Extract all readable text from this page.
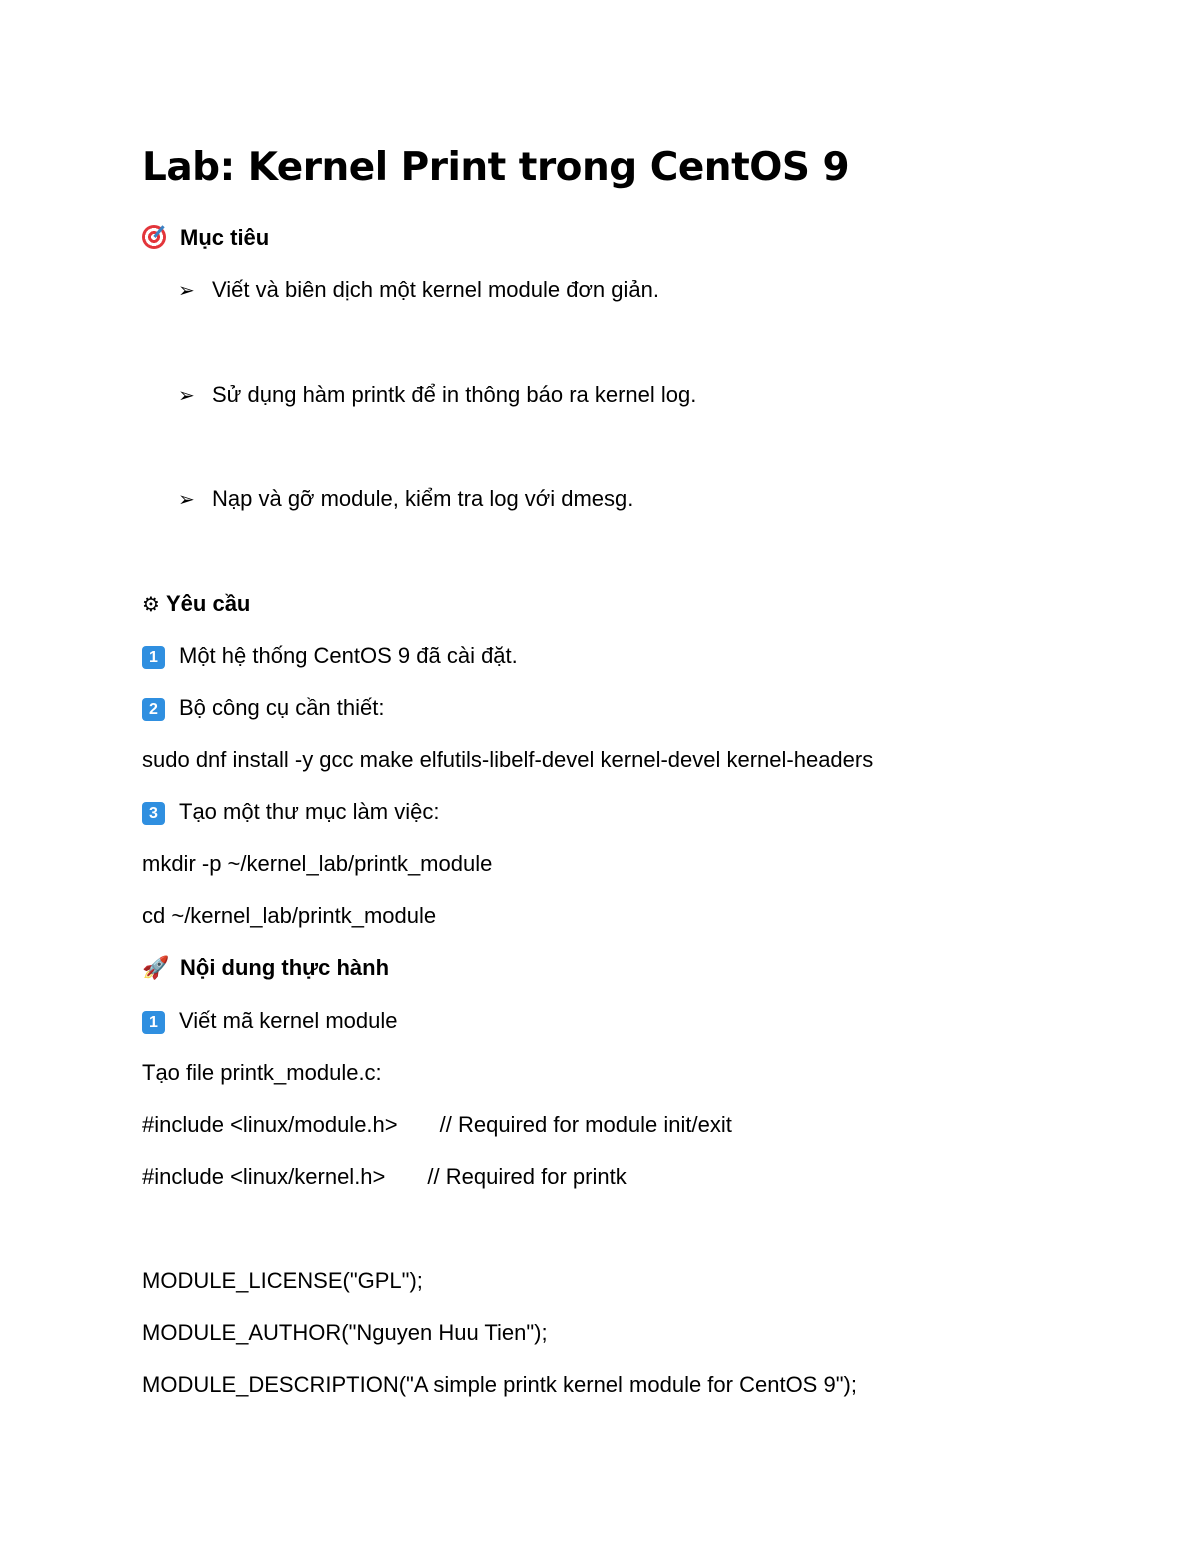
Lab: Kernel Print trong CentOS 9
Mục tiêu
➢ Viết và biên dịch một kernel module đơn giản.
➢ Sử dụng hàm printk để in thông báo ra kernel log.
➢ Nạp và gỡ module, kiểm tra log với dmesg.
⚙ Yêu cầu
1 Một hệ thống CentOS 9 đã cài đặt.
2 Bộ công cụ cần thiết:
sudo dnf install -y gcc make elfutils-libelf-devel kernel-devel kernel-headers
3 Tạo một thư mục làm việc:
mkdir -p ~/kernel_lab/printk_module
cd ~/kernel_lab/printk_module
🚀 Nội dung thực hành
1 Viết mã kernel module
Tạo file printk_module.c:
#include <linux/module.h> // Required for module init/exit
#include <linux/kernel.h> // Required for printk
MODULE_LICENSE("GPL");
MODULE_AUTHOR("Nguyen Huu Tien");
MODULE_DESCRIPTION("A simple printk kernel module for CentOS 9");
